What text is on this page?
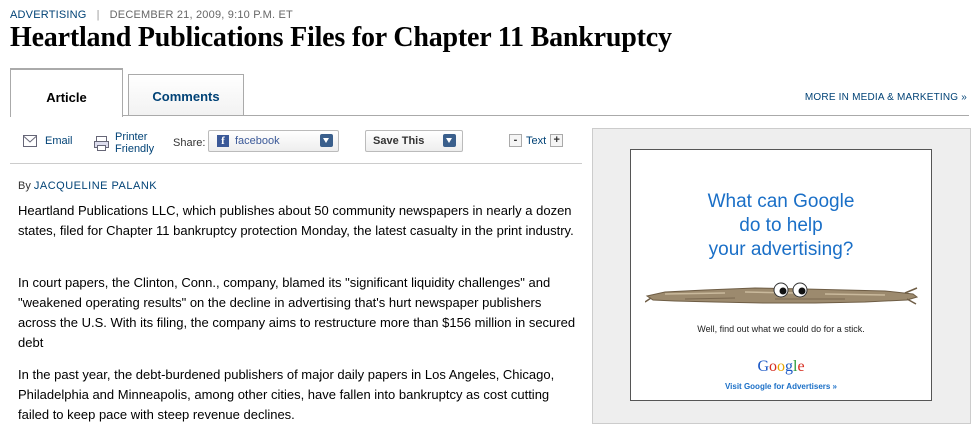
ADVERTISING | DECEMBER 21, 2009, 9:10 P.M. ET
Heartland Publications Files for Chapter 11 Bankruptcy
Article	Comments	MORE IN MEDIA & MARKETING »
Email	Printer
Friendly Share:	f facebook	Save This	- Text +
By JACQUELINE PALANK

Heartland Publications LLC, which publishes about 50 community newspapers in nearly a dozen states, filed for Chapter 11 bankruptcy protection Monday, the latest casualty in the print industry.

In court papers, the Clinton, Conn., company, blamed its "significant liquidity challenges" and "weakened operating results" on the decline in advertising that's hurt newspaper publishers across the U.S. With its filing, the company aims to restructure more than $156 million in secured debt

In the past year, the debt-burdened publishers of major daily papers in Los Angeles, Chicago, Philadelphia and Minneapolis, among other cities, have fallen into bankruptcy as cost cutting failed to keep pace with steep revenue declines.

What can Google
do to help
your advertising?
Well, find out what we could do for a stick.
Google
Visit Google for Advertisers »
